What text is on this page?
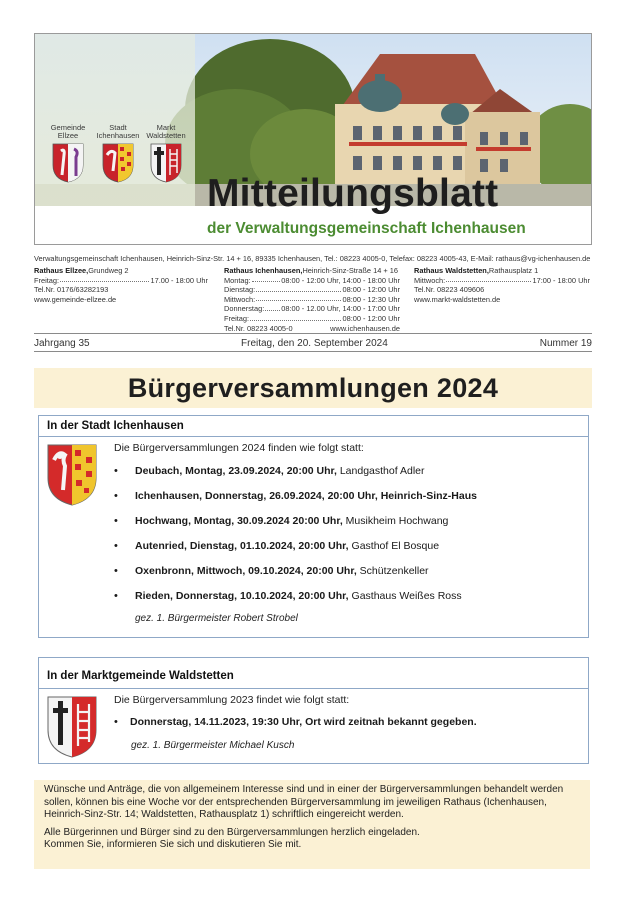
Gemeinde Ellzee
Stadt Ichenhausen
Markt Waldstetten
Mitteilungsblatt
der Verwaltungsgemeinschaft Ichenhausen
Verwaltungsgemeinschaft Ichenhausen, Heinrich-Sinz-Str. 14 + 16, 89335 Ichenhausen, Tel.: 08223 4005-0, Telefax: 08223 4005-43, E-Mail: rathaus@vg-ichenhausen.de
Rathaus Ellzee, Grundweg 2
Freitag:	17.00 - 18:00 Uhr
Tel.Nr. 0176/63282193
www.gemeinde-ellzee.de
Rathaus Ichenhausen, Heinrich-Sinz-Straße 14 + 16
Montag:	08:00 - 12:00 Uhr, 14:00 - 18:00 Uhr
Dienstag:	08:00 - 12:00 Uhr
Mittwoch:	08:00 - 12:30 Uhr
Donnerstag: 08:00 - 12.00 Uhr, 14:00 - 17:00 Uhr
Freitag:	08:00 - 12:00 Uhr
Tel.Nr. 08223 4005-0	www.ichenhausen.de
Rathaus Waldstetten, Rathausplatz 1
Mittwoch:	17:00 - 18:00 Uhr
Tel.Nr. 08223 409606
www.markt-waldstetten.de
Jahrgang 35	Freitag, den 20. September 2024	Nummer 19
Bürgerversammlungen 2024
In der Stadt Ichenhausen
Die Bürgerversammlungen 2024 finden wie folgt statt:
• Deubach, Montag, 23.09.2024, 20:00 Uhr, Landgasthof Adler
• Ichenhausen, Donnerstag, 26.09.2024, 20:00 Uhr, Heinrich-Sinz-Haus
• Hochwang, Montag, 30.09.2024 20:00 Uhr, Musikheim Hochwang
• Autenried, Dienstag, 01.10.2024, 20:00 Uhr, Gasthof El Bosque
• Oxenbronn, Mittwoch, 09.10.2024, 20:00 Uhr, Schützenkeller
• Rieden, Donnerstag, 10.10.2024, 20:00 Uhr, Gasthaus Weißes Ross
gez. 1. Bürgermeister Robert Strobel
In der Marktgemeinde Waldstetten
Die Bürgerversammlung 2023 findet wie folgt statt:
• Donnerstag, 14.11.2023, 19:30 Uhr, Ort wird zeitnah bekannt gegeben.
gez. 1. Bürgermeister Michael Kusch

Wünsche und Anträge, die von allgemeinem Interesse sind und in einer der Bürgerversammlungen behandelt werden sollen, können bis eine Woche vor der entsprechenden Bürgerversammlung im jeweiligen Rathaus (Ichenhausen, Heinrich-Sinz-Str. 14; Waldstetten, Rathausplatz 1) schriftlich eingereicht werden.

Alle Bürgerinnen und Bürger sind zu den Bürgerversammlungen herzlich eingeladen.
Kommen Sie, informieren Sie sich und diskutieren Sie mit.
